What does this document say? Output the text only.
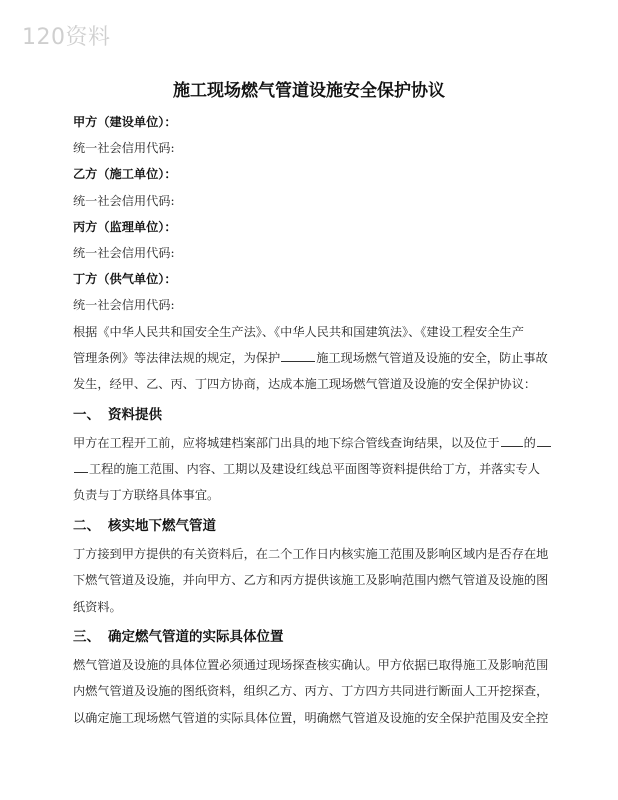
120资料
施工现场燃气管道设施安全保护协议
甲方（建设单位）：
统一社会信用代码:
乙方（施工单位）：
统一社会信用代码:
丙方（监理单位）：
统一社会信用代码:
丁方（供气单位）：
统一社会信用代码:
根据《中华人民共和国安全生产法》、《中华人民共和国建筑法》、《建设工程安全生产
管理条例》等法律法规的规定，为保护	施工现场燃气管道及设施的安全，防止事故
发生，经甲、乙、丙、丁四方协商，达成本施工现场燃气管道及设施的安全保护协议：
一、 资料提供
甲方在工程开工前，应将城建档案部门出具的地下综合管线查询结果，以及位于 的
工程的施工范围、内容、工期以及建设红线总平面图等资料提供给丁方，并落实专人
负责与丁方联络具体事宜。
二、 核实地下燃气管道
丁方接到甲方提供的有关资料后，在二个工作日内核实施工范围及影响区域内是否存在地
下燃气管道及设施，并向甲方、乙方和丙方提供该施工及影响范围内燃气管道及设施的图
纸资料。
三、 确定燃气管道的实际具体位置
燃气管道及设施的具体位置必须通过现场探查核实确认。甲方依据已取得施工及影响范围
内燃气管道及设施的图纸资料，组织乙方、丙方、丁方四方共同进行断面人工开挖探查，
以确定施工现场燃气管道的实际具体位置，明确燃气管道及设施的安全保护范围及安全控
